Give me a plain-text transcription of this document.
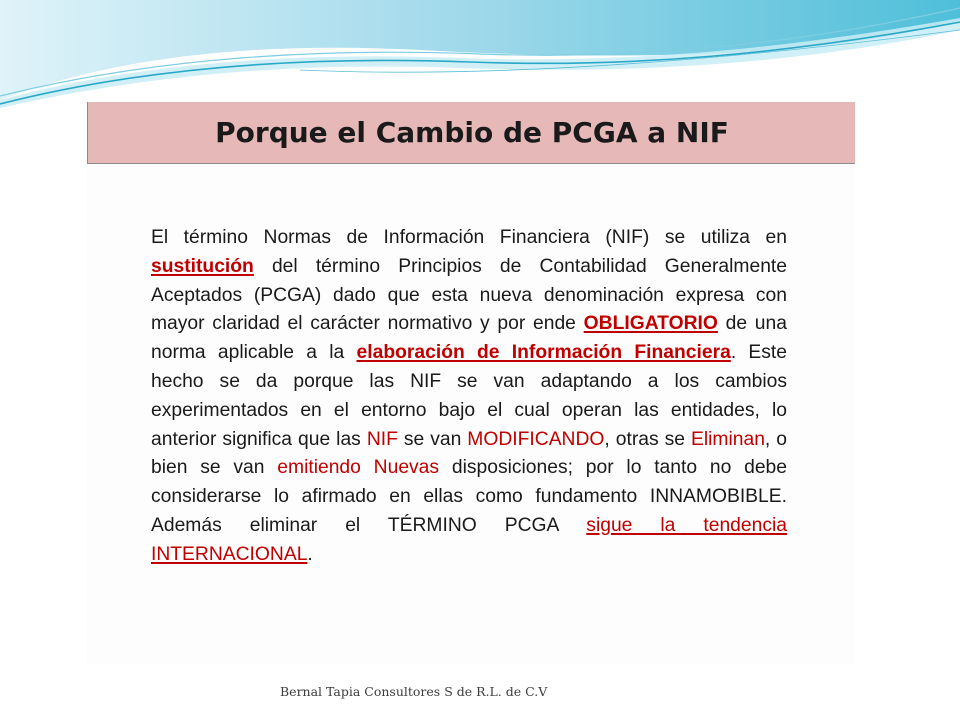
Porque el Cambio de PCGA a NIF

El término Normas de Información Financiera (NIF) se utiliza en sustitución del término Principios de Contabilidad Generalmente Aceptados (PCGA) dado que esta nueva denominación expresa con mayor claridad el carácter normativo y por ende OBLIGATORIO de una norma aplicable a la elaboración de Información Financiera. Este hecho se da porque las NIF se van adaptando a los cambios experimentados en el entorno bajo el cual operan las entidades, lo anterior significa que las NIF se van MODIFICANDO, otras se Eliminan, o bien se van emitiendo Nuevas disposiciones; por lo tanto no debe considerarse lo afirmado en ellas como fundamento INNAMOBIBLE. Además eliminar el TÉRMINO PCGA sigue la tendencia INTERNACIONAL.

Bernal Tapia Consultores S de R.L. de C.V
